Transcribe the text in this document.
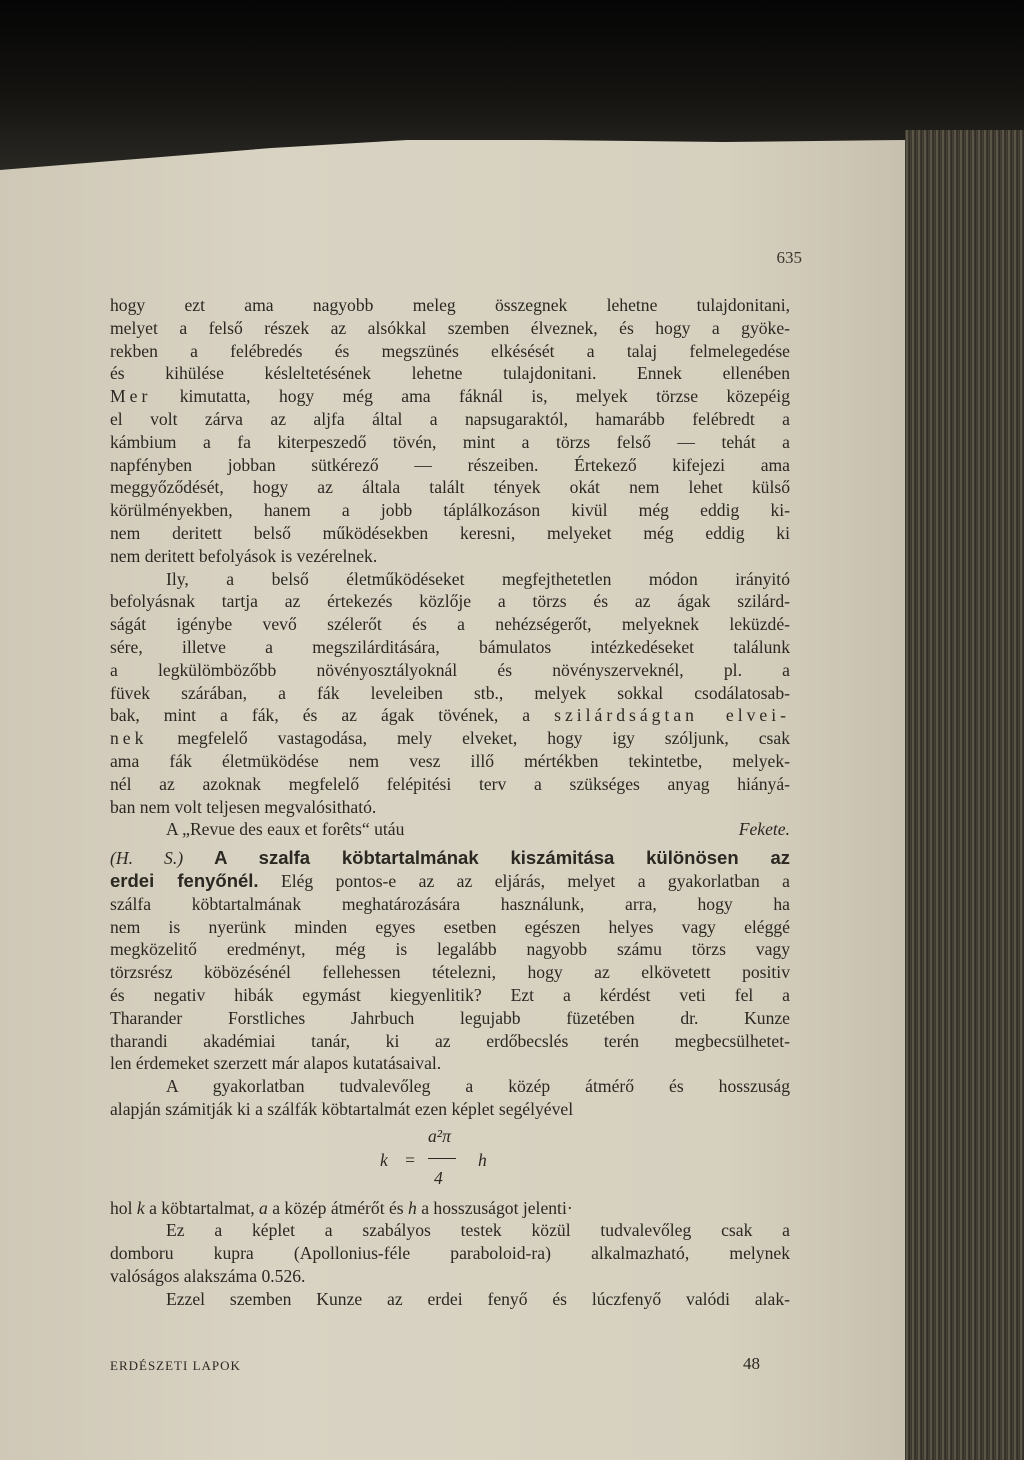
635
hogy ezt ama nagyobb meleg összegnek lehetne tulajdonitani,
melyet a felső részek az alsókkal szemben élveznek, és hogy a gyöke-
rekben a felébredés és megszünés elkésését a talaj felmelegedése
és kihülése késleltetésének lehetne tulajdonitani. Ennek ellenében
Mer kimutatta, hogy még ama fáknál is, melyek törzse közepéig
el volt zárva az aljfa által a napsugaraktól, hamarább felébredt a
kámbium a fa kiterpeszedő tövén, mint a törzs felső — tehát a
napfényben jobban sütkérező — részeiben. Értekező kifejezi ama
meggyőződését, hogy az általa talált tények okát nem lehet külső
körülményekben, hanem a jobb táplálkozáson kivül még eddig ki-
nem deritett belső működésekben keresni, melyeket még eddig ki
nem deritett befolyások is vezérelnek.
Ily, a belső életműködéseket megfejthetetlen módon irányitó
befolyásnak tartja az értekezés közlője a törzs és az ágak szilárd-
ságát igénybe vevő szélerőt és a nehézségerőt, melyeknek leküzdé-
sére, illetve a megszilárditására, bámulatos intézkedéseket találunk
a legkülömbözőbb növényosztályoknál és növényszerveknél, pl. a
füvek szárában, a fák leveleiben stb., melyek sokkal csodálatosab-
bak, mint a fák, és az ágak tövének, a szilárdságtan elvei-
nek megfelelő vastagodása, mely elveket, hogy igy szóljunk, csak
ama fák életmüködése nem vesz illő mértékben tekintetbe, melyek-
nél az azoknak megfelelő felépitési terv a szükséges anyag hiányá-
ban nem volt teljesen megvalósitható.
A „Revue des eaux et forêts“ utáu	Fekete.
(H. S.) A szalfa köbtartalmának kiszámitása különösen az
erdei fenyőnél. Elég pontos-e az az eljárás, melyet a gyakorlatban a
szálfa köbtartalmának meghatározására használunk, arra, hogy ha
nem is nyerünk minden egyes esetben egészen helyes vagy eléggé
megközelitő eredményt, még is legalább nagyobb számu törzs vagy
törzsrész köbözésénél fellehessen tételezni, hogy az elkövetett positiv
és negativ hibák egymást kiegyenlitik? Ezt a kérdést veti fel a
Tharander Forstliches Jahrbuch legujabb füzetében dr. Kunze
tharandi akadémiai tanár, ki az erdőbecslés terén megbecsülhetet-
len érdemeket szerzett már alapos kutatásaival.
A gyakorlatban tudvalevőleg a közép átmérő és hosszuság
alapján számitják ki a szálfák köbtartalmát ezen képlet segélyével
k =
a²π
4
h
hol k a köbtartalmat, a a közép átmérőt és h a hosszuságot jelenti·
Ez a képlet a szabályos testek közül tudvalevőleg csak a
domboru kupra (Apollonius-féle paraboloid-ra) alkalmazható, melynek
valóságos alakszáma 0.526.
Ezzel szemben Kunze az erdei fenyő és lúczfenyő valódi alak-
ERDÉSZETI LAPOK	48
